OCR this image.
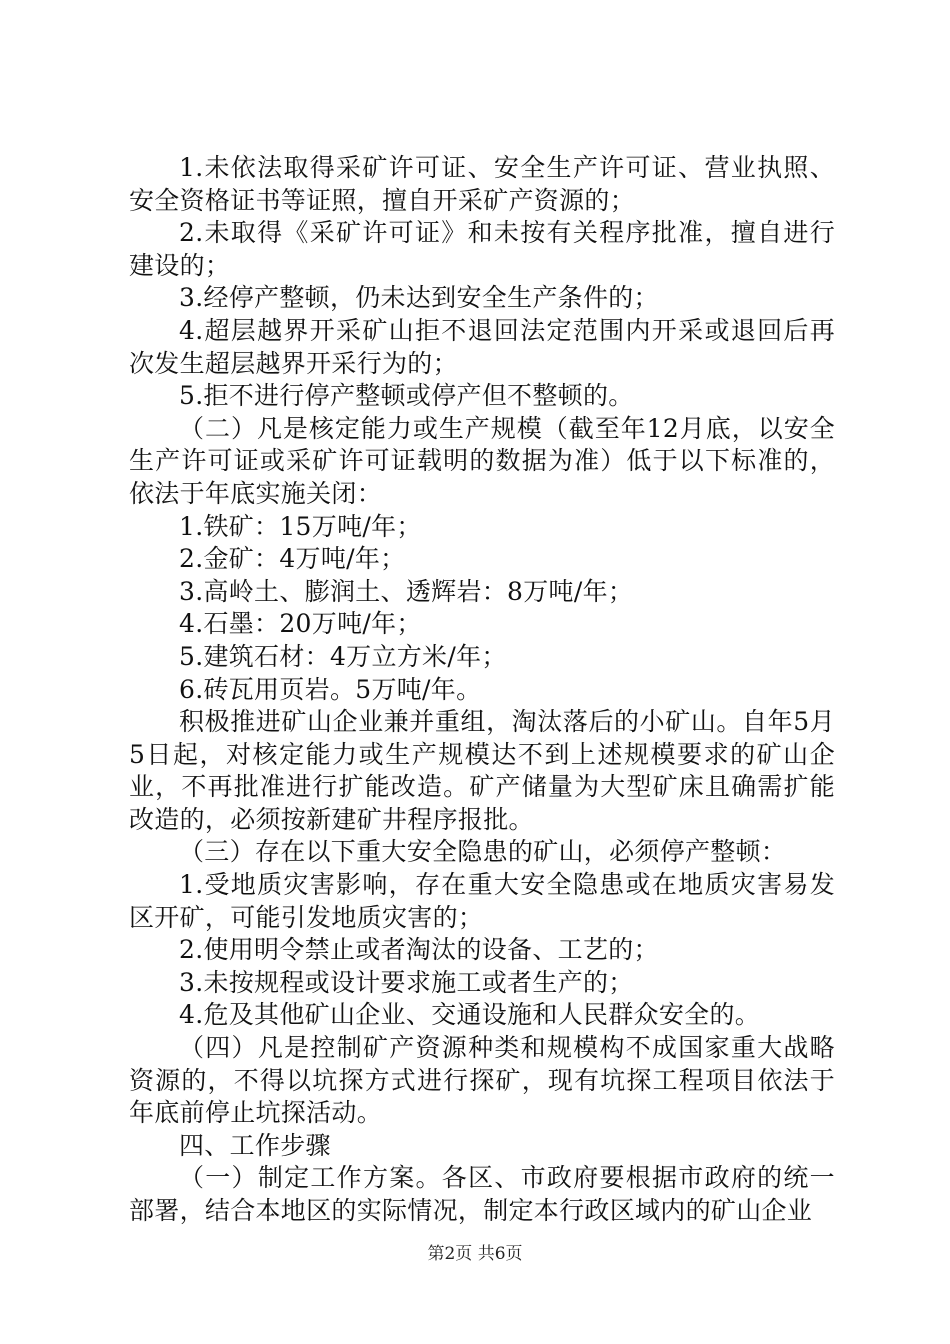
1.未依法取得采矿许可证、安全生产许可证、营业执照、安全资格证书等证照，擅自开采矿产资源的；

2.未取得《采矿许可证》和未按有关程序批准，擅自进行建设的；

3.经停产整顿，仍未达到安全生产条件的；

4.超层越界开采矿山拒不退回法定范围内开采或退回后再次发生超层越界开采行为的；

5.拒不进行停产整顿或停产但不整顿的。

（二）凡是核定能力或生产规模（截至年12月底，以安全生产许可证或采矿许可证载明的数据为准）低于以下标准的，依法于年底实施关闭：

1.铁矿：15万吨/年；

2.金矿：4万吨/年；

3.高岭土、膨润土、透辉岩：8万吨/年；

4.石墨：20万吨/年；

5.建筑石材：4万立方米/年；

6.砖瓦用页岩。5万吨/年。

积极推进矿山企业兼并重组，淘汰落后的小矿山。自年5月5日起，对核定能力或生产规模达不到上述规模要求的矿山企业，不再批准进行扩能改造。矿产储量为大型矿床且确需扩能改造的，必须按新建矿井程序报批。

（三）存在以下重大安全隐患的矿山，必须停产整顿：

1.受地质灾害影响，存在重大安全隐患或在地质灾害易发区开矿，可能引发地质灾害的；

2.使用明令禁止或者淘汰的设备、工艺的；

3.未按规程或设计要求施工或者生产的；

4.危及其他矿山企业、交通设施和人民群众安全的。

（四）凡是控制矿产资源种类和规模构不成国家重大战略资源的，不得以坑探方式进行探矿，现有坑探工程项目依法于年底前停止坑探活动。

四、工作步骤

（一）制定工作方案。各区、市政府要根据市政府的统一部署，结合本地区的实际情况，制定本行政区域内的矿山企业

第2页 共6页
